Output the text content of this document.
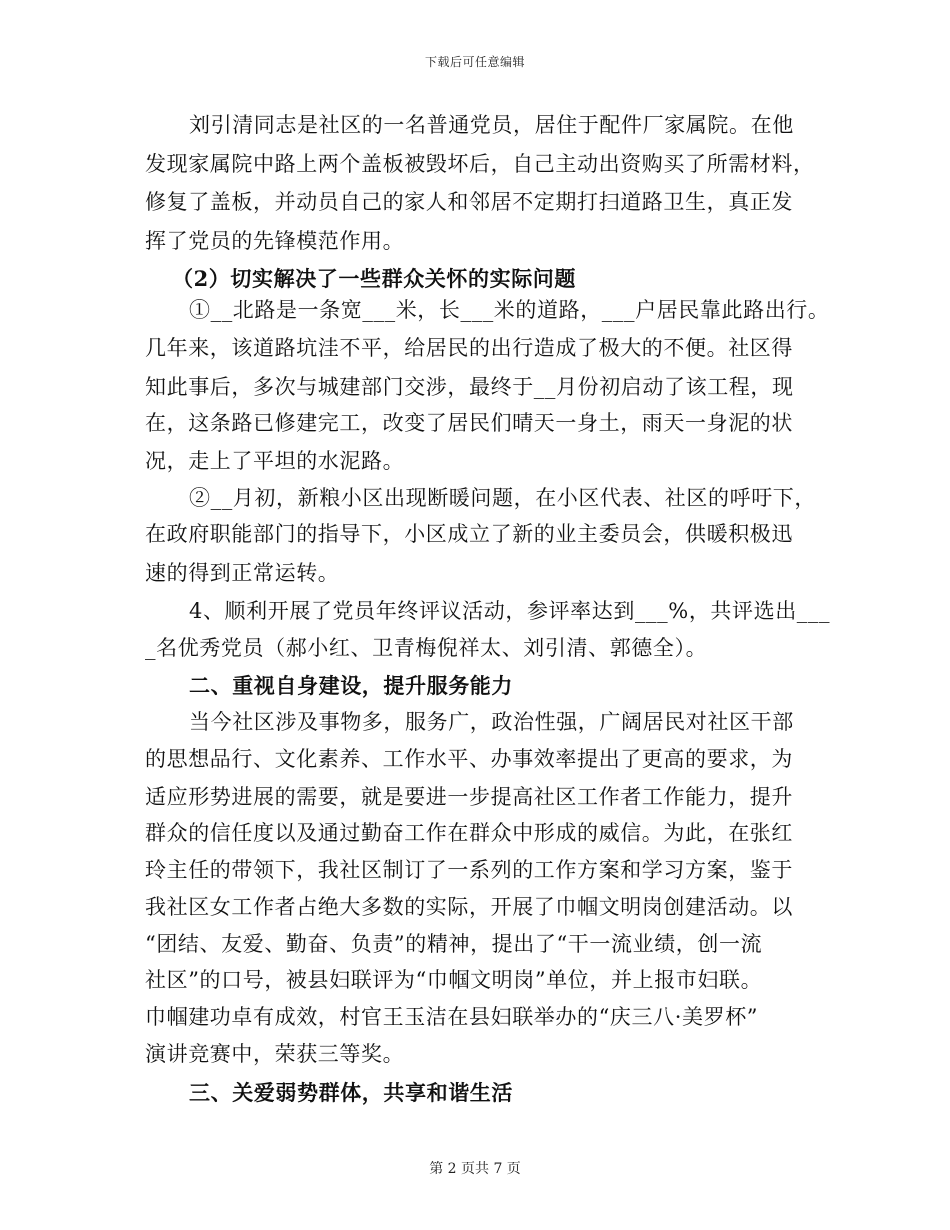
下载后可任意编辑
刘引清同志是社区的一名普通党员，居住于配件厂家属院。在他
发现家属院中路上两个盖板被毁坏后，自己主动出资购买了所需材料，
修复了盖板，并动员自己的家人和邻居不定期打扫道路卫生，真正发
挥了党员的先锋模范作用。
（2）切实解决了一些群众关怀的实际问题
①__北路是一条宽___米，长___米的道路，___户居民靠此路出行。
几年来，该道路坑洼不平，给居民的出行造成了极大的不便。社区得
知此事后，多次与城建部门交涉，最终于__月份初启动了该工程，现
在，这条路已修建完工，改变了居民们晴天一身土，雨天一身泥的状
况，走上了平坦的水泥路。
②__月初，新粮小区出现断暖问题，在小区代表、社区的呼吁下，
在政府职能部门的指导下，小区成立了新的业主委员会，供暖积极迅
速的得到正常运转。
4、顺利开展了党员年终评议活动，参评率达到___%，共评选出___
_名优秀党员（郝小红、卫青梅倪祥太、刘引清、郭德全）。
二、重视自身建设，提升服务能力
当今社区涉及事物多，服务广，政治性强，广阔居民对社区干部
的思想品行、文化素养、工作水平、办事效率提出了更高的要求，为
适应形势进展的需要，就是要进一步提高社区工作者工作能力，提升
群众的信任度以及通过勤奋工作在群众中形成的威信。为此，在张红
玲主任的带领下，我社区制订了一系列的工作方案和学习方案，鉴于
我社区女工作者占绝大多数的实际，开展了巾帼文明岗创建活动。以
“团结、友爱、勤奋、负责”的精神，提出了“干一流业绩，创一流
社区”的口号，被县妇联评为“巾帼文明岗”单位，并上报市妇联。
巾帼建功卓有成效，村官王玉洁在县妇联举办的“庆三八·美罗杯”
演讲竞赛中，荣获三等奖。
三、关爱弱势群体，共享和谐生活
第 2 页共 7 页
